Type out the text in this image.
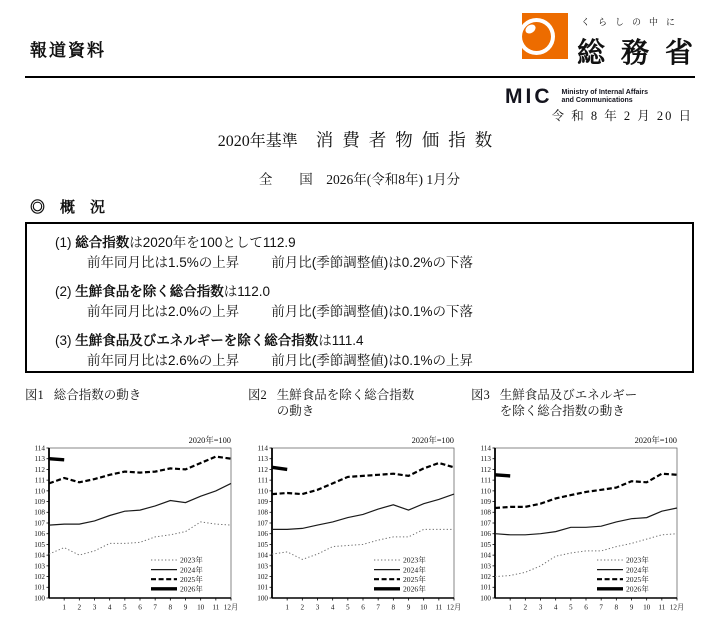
報道資料
くらしの中に
総務省
MIC Ministry of Internal Affairs
and Communications
令 和 8 年 2 月 20 日
2020年基準 消費者物価指数
全　　国　2026年(令和8年) 1月分
◎　概　況
(1) 総合指数は2020年を100として112.9
前年同月比は1.5%の上昇 前月比(季節調整値)は0.2%の下落
(2) 生鮮食品を除く総合指数は112.0
前年同月比は2.0%の上昇 前月比(季節調整値)は0.1%の下落
(3) 生鮮食品及びエネルギーを除く総合指数は111.4
前年同月比は2.6%の上昇 前月比(季節調整値)は0.1%の上昇
図1 総合指数の動き
100
101
102
103
104
105
106
107
108
109
110
111
112
113
114
1 2 3 4 5 6 7 8 9 10 11 12月
2020年=100
2023年
2024年
2025年
2026年
図2 生鮮食品を除く総合指数の動き
100
101
102
103
104
105
106
107
108
109
110
111
112
113
114
1 2 3 4 5 6 7 8 9 10 11 12月
2020年=100
2023年
2024年
2025年
2026年
図3 生鮮食品及びエネルギーを除く総合指数の動き
100
101
102
103
104
105
106
107
108
109
110
111
112
113
114
1 2 3 4 5 6 7 8 9 10 11 12月
2020年=100
2023年
2024年
2025年
2026年
